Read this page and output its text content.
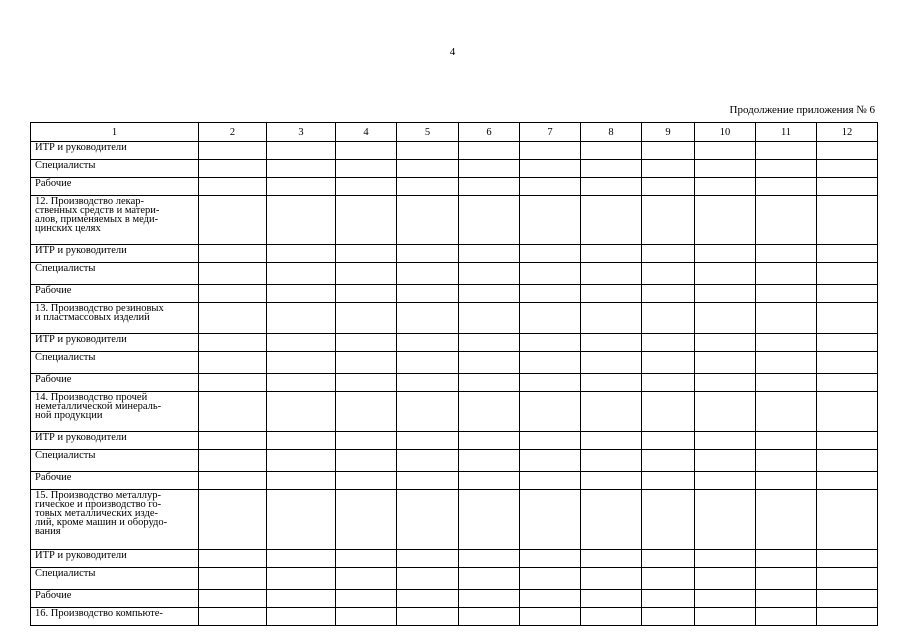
4
Продолжение приложения № 6
1	2	3	4	5	6	7	8	9	10	11	12
ИТР и руководители											
Специалисты											
Рабочие											
12. Производство лекар-
ственных средств и матери-
алов, применяемых в меди-
цинских целях											
ИТР и руководители											
Специалисты											
Рабочие											
13. Производство резиновых
и пластмассовых изделий											
ИТР и руководители											
Специалисты											
Рабочие											
14. Производство прочей
неметаллической минераль-
ной продукции											
ИТР и руководители											
Специалисты											
Рабочие											
15. Производство металлур-
гическое и производство го-
товых металлических изде-
лий, кроме машин и оборудо-
вания											
ИТР и руководители											
Специалисты											
Рабочие											
16. Производство компьюте-											
